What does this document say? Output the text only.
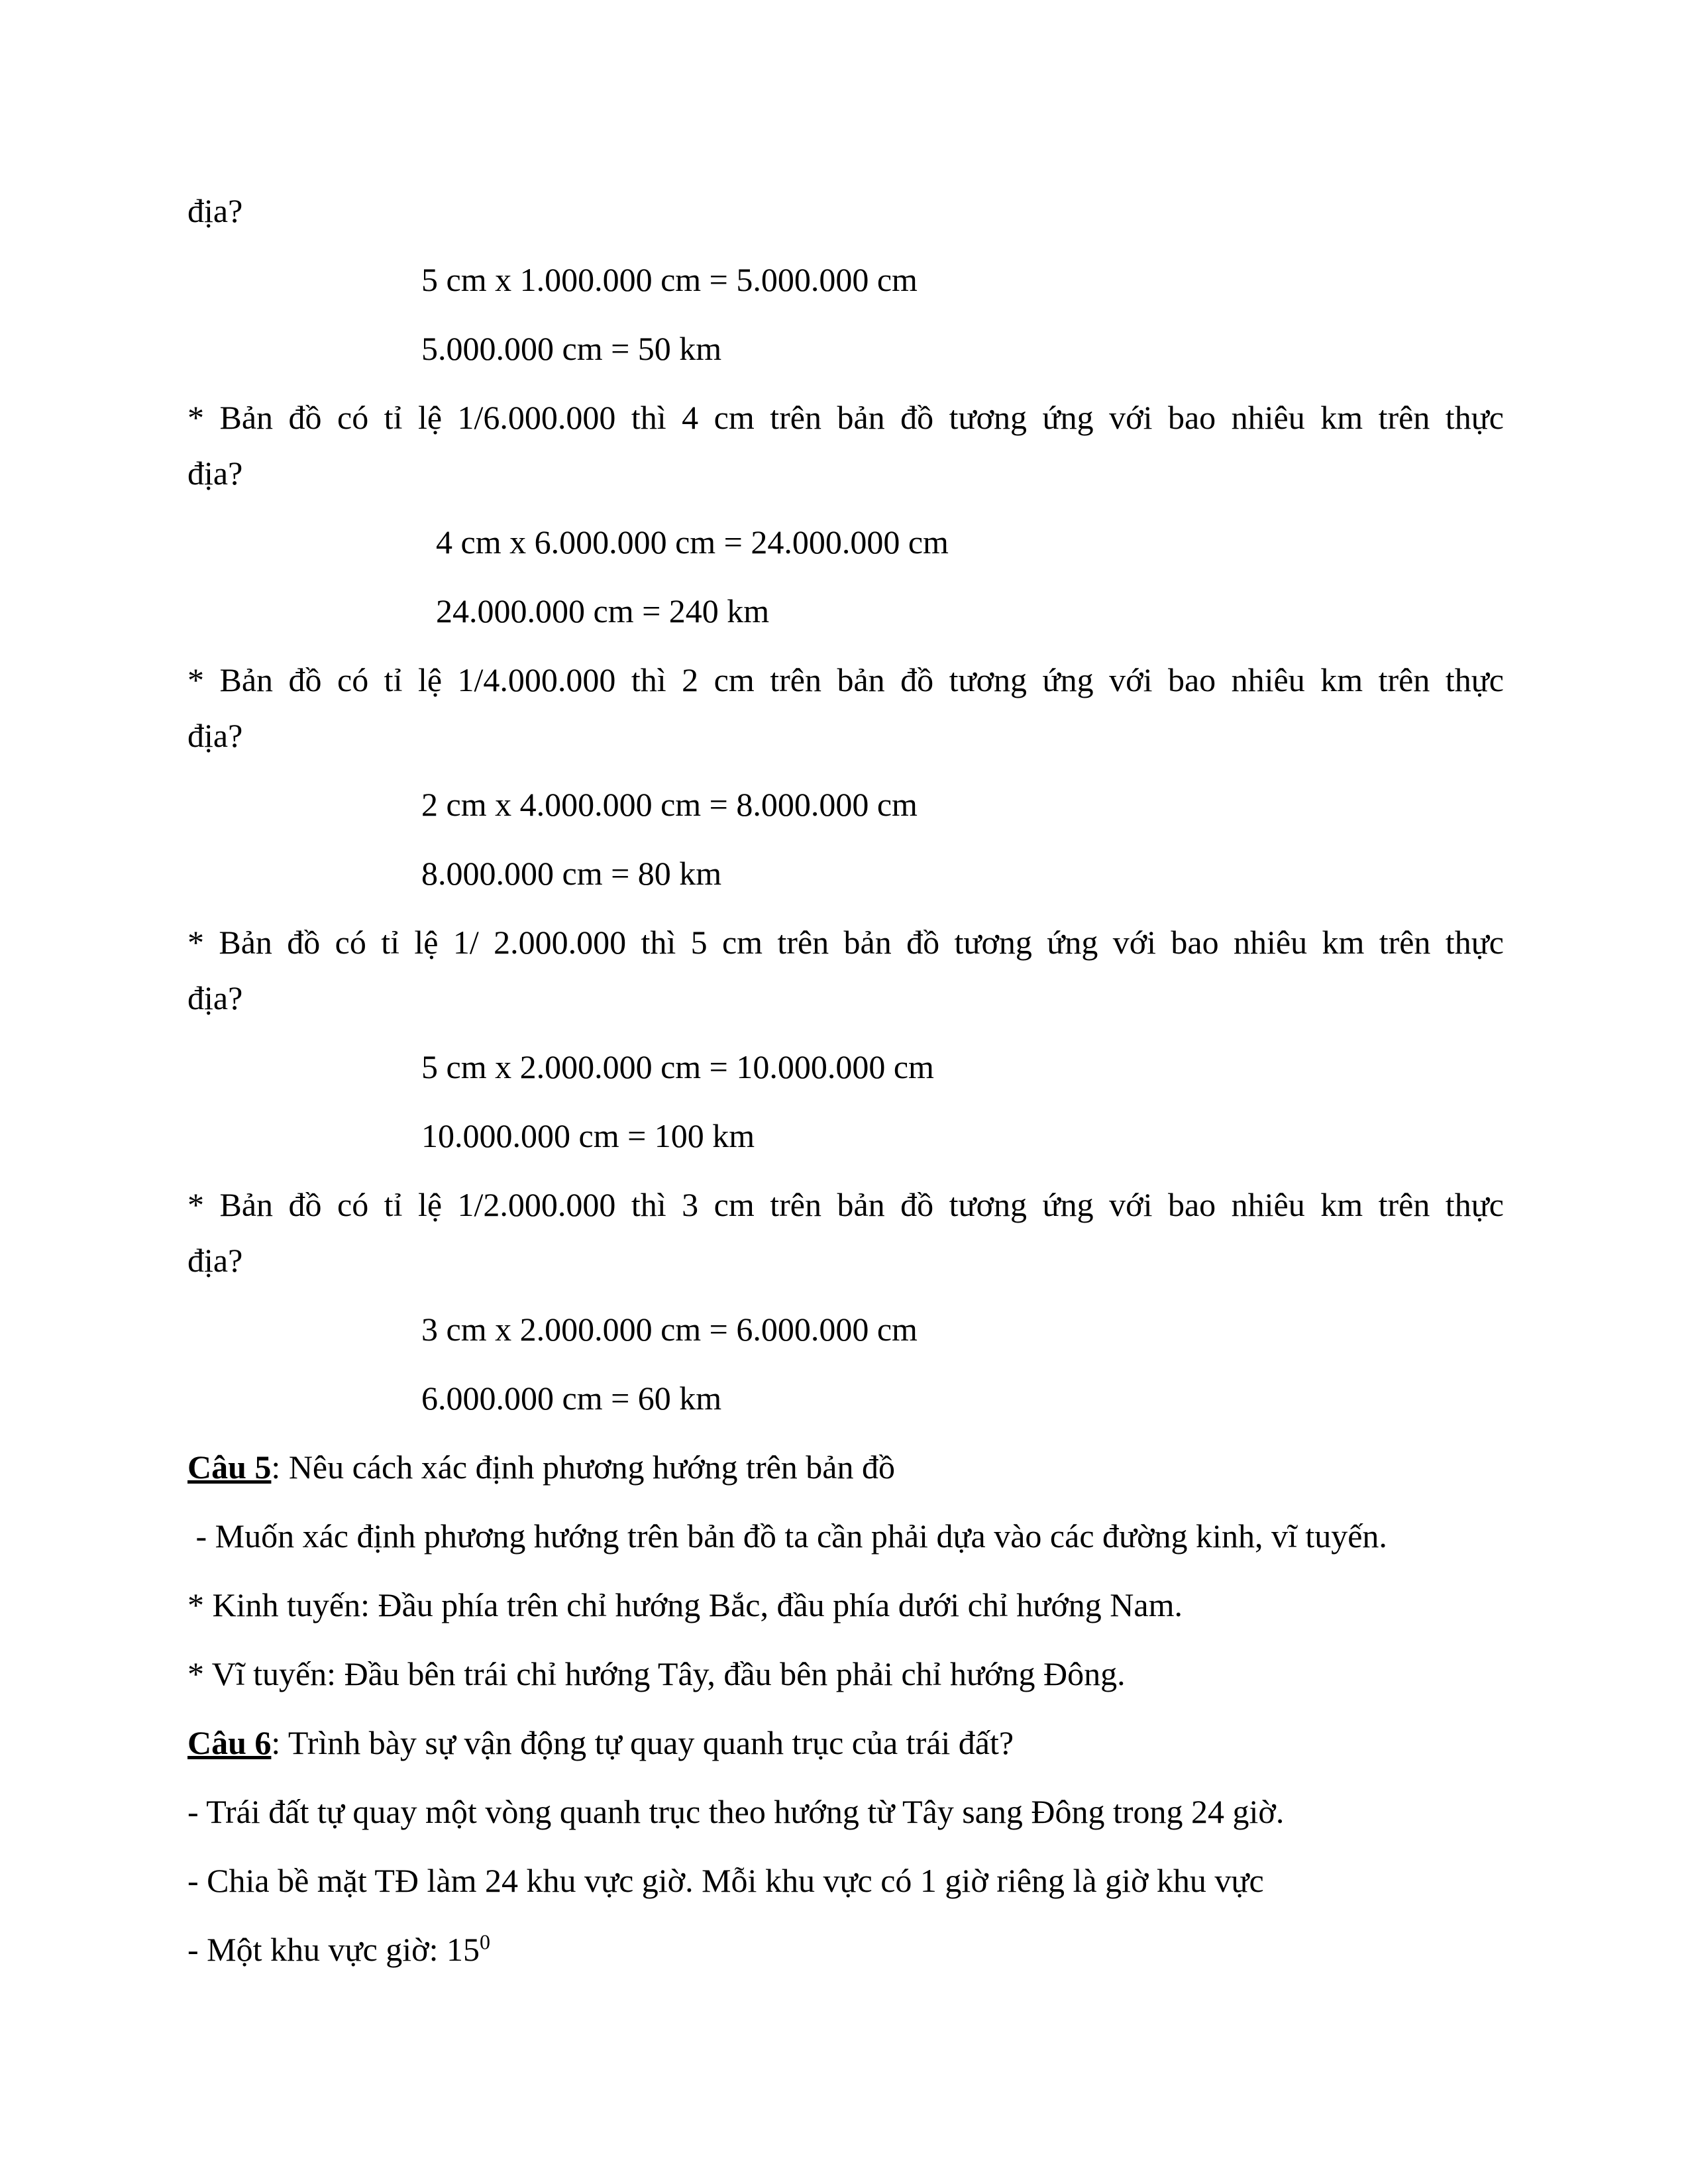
địa?
5 cm x 1.000.000 cm = 5.000.000 cm
5.000.000 cm = 50 km
* Bản đồ có tỉ lệ 1/6.000.000 thì 4 cm trên bản đồ tương ứng với bao nhiêu km trên thực
địa?
4 cm x 6.000.000 cm = 24.000.000 cm
24.000.000 cm = 240 km
* Bản đồ có tỉ lệ 1/4.000.000 thì 2 cm trên bản đồ tương ứng với bao nhiêu km trên thực
địa?
2 cm x 4.000.000 cm = 8.000.000 cm
8.000.000 cm = 80 km
* Bản đồ có tỉ lệ 1/ 2.000.000 thì 5 cm trên bản đồ tương ứng với bao nhiêu km trên thực
địa?
5 cm x 2.000.000 cm = 10.000.000 cm
10.000.000 cm = 100 km
* Bản đồ có tỉ lệ 1/2.000.000 thì 3 cm trên bản đồ tương ứng với bao nhiêu km trên thực
địa?
3 cm x 2.000.000 cm = 6.000.000 cm
6.000.000 cm = 60 km
Câu 5: Nêu cách xác định phương hướng trên bản đồ
- Muốn xác định phương hướng trên bản đồ ta cần phải dựa vào các đường kinh, vĩ tuyến.
* Kinh tuyến: Đầu phía trên chỉ hướng Bắc, đầu phía dưới chỉ hướng Nam.
* Vĩ tuyến: Đầu bên trái chỉ hướng Tây, đầu bên phải chỉ hướng Đông.
Câu 6: Trình bày sự vận động tự quay quanh trục của trái đất?
- Trái đất tự quay một vòng quanh trục theo hướng từ Tây sang Đông trong 24 giờ.
- Chia bề mặt TĐ làm 24 khu vực giờ. Mỗi khu vực có 1 giờ riêng là giờ khu vực
- Một khu vực giờ: $15^0$
